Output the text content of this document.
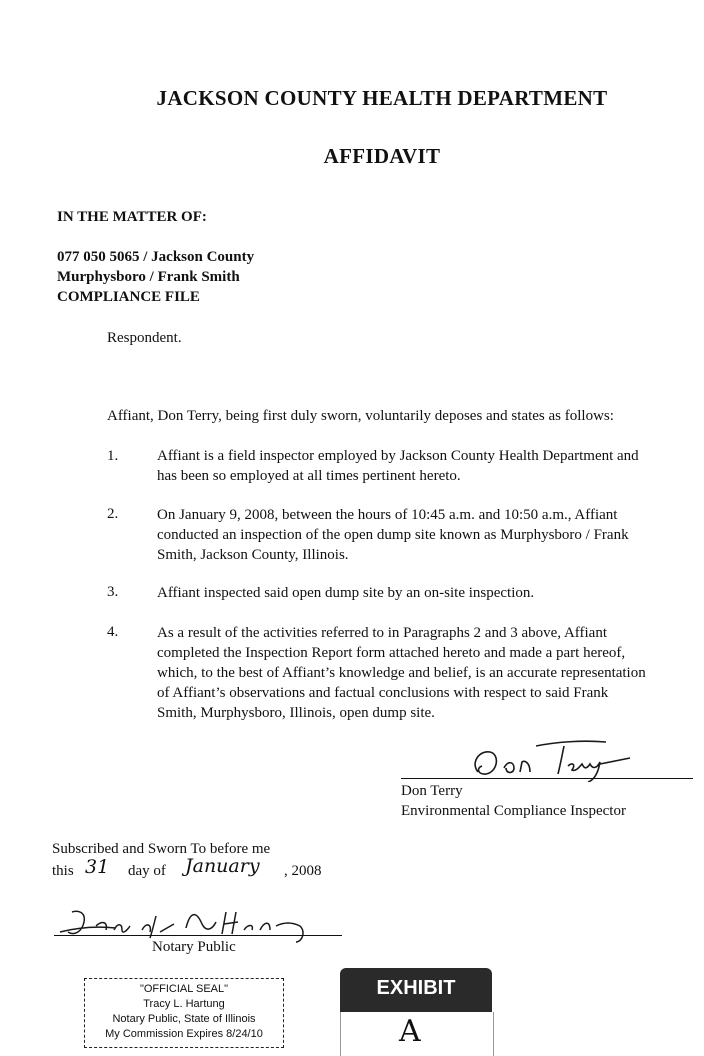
JACKSON COUNTY HEALTH DEPARTMENT
AFFIDAVIT
IN THE MATTER OF:
077 050 5065 / Jackson County
Murphysboro / Frank Smith
COMPLIANCE FILE
Respondent.
Affiant, Don Terry, being first duly sworn, voluntarily deposes and states as follows:
1.	Affiant is a field inspector employed by Jackson County Health Department and
has been so employed at all times pertinent hereto.
2.	On January 9, 2008, between the hours of 10:45 a.m. and 10:50 a.m., Affiant
conducted an inspection of the open dump site known as Murphysboro / Frank
Smith, Jackson County, Illinois.
3.	Affiant inspected said open dump site by an on-site inspection.
4.	As a result of the activities referred to in Paragraphs 2 and 3 above, Affiant
completed the Inspection Report form attached hereto and made a part hereof,
which, to the best of Affiant’s knowledge and belief, is an accurate representation
of Affiant’s observations and factual conclusions with respect to said Frank
Smith, Murphysboro, Illinois, open dump site.
Don Terry
Environmental Compliance Inspector
Subscribed and Sworn To before me
this 31 day of January , 2008
Tracy L. Hartung	Notary Public
"OFFICIAL SEAL"
Tracy L. Hartung
Notary Public, State of Illinois
My Commission Expires 8/24/10
EXHIBIT
A
